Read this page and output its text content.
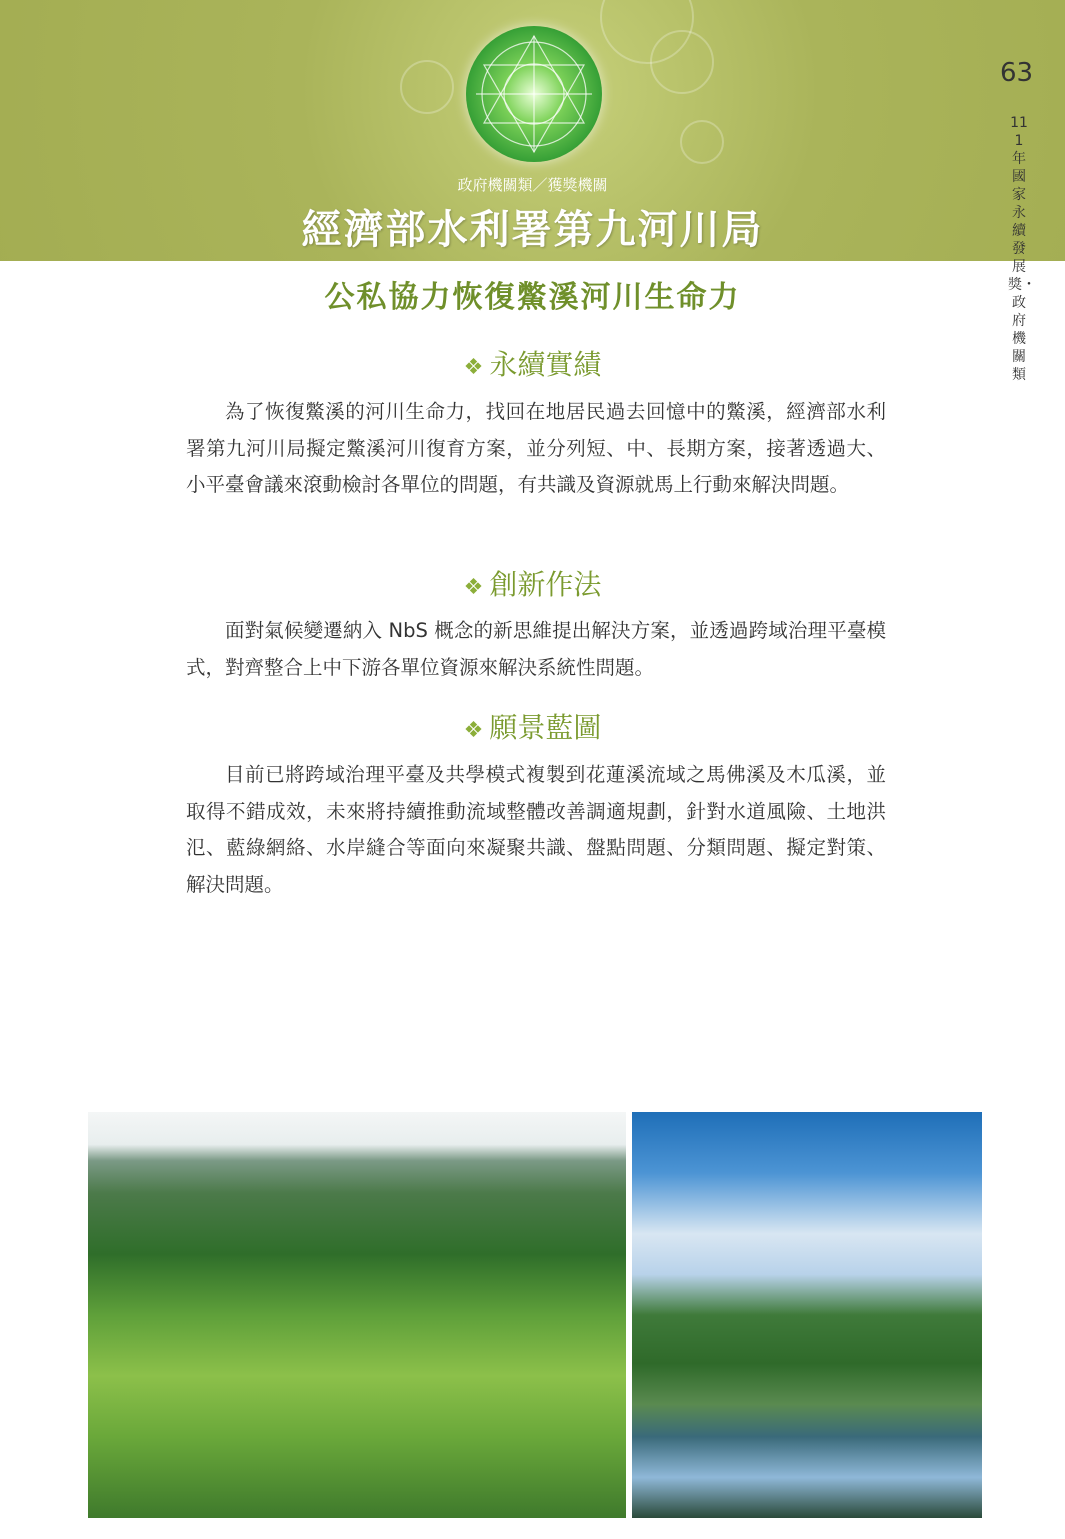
政府機關類／獲獎機關
經濟部水利署第九河川局
63
111年國家永續發展獎・政府機關類
公私協力恢復鱉溪河川生命力
❖ 永續實績
為了恢復鱉溪的河川生命力，找回在地居民過去回憶中的鱉溪，經濟部水利署第九河川局擬定鱉溪河川復育方案，並分列短、中、長期方案，接著透過大、小平臺會議來滾動檢討各單位的問題，有共識及資源就馬上行動來解決問題。
❖ 創新作法
面對氣候變遷納入 NbS 概念的新思維提出解決方案，並透過跨域治理平臺模式，對齊整合上中下游各單位資源來解決系統性問題。
❖ 願景藍圖
目前已將跨域治理平臺及共學模式複製到花蓮溪流域之馬佛溪及木瓜溪，並取得不錯成效，未來將持續推動流域整體改善調適規劃，針對水道風險、土地洪氾、藍綠網絡、水岸縫合等面向來凝聚共識、盤點問題、分類問題、擬定對策、解決問題。
